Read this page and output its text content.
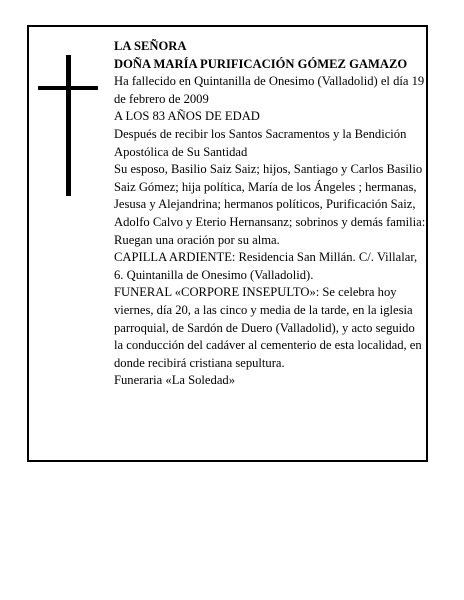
LA SEÑORA
DOÑA MARÍA PURIFICACIÓN GÓMEZ GAMAZO
Ha fallecido en Quintanilla de Onesimo (Valladolid) el día 19 de febrero de 2009
A LOS 83 AÑOS DE EDAD
Después de recibir los Santos Sacramentos y la Bendición Apostólica de Su Santidad
Su esposo, Basilio Saiz Saiz; hijos, Santiago y Carlos Basilio Saiz Gómez; hija política, María de los Ángeles ; hermanas, Jesusa y Alejandrina; hermanos políticos, Purificación Saiz, Adolfo Calvo y Eterio Hernansanz; sobrinos y demás familia:
Ruegan una oración por su alma.
CAPILLA ARDIENTE: Residencia San Millán. C/. Villalar, 6. Quintanilla de Onesimo (Valladolid).
FUNERAL «CORPORE INSEPULTO»: Se celebra hoy viernes, día 20, a las cinco y media de la tarde, en la iglesia parroquial, de Sardón de Duero (Valladolid), y acto seguido la conducción del cadáver al cementerio de esta localidad, en donde recibirá cristiana sepultura.
Funeraria «La Soledad»
